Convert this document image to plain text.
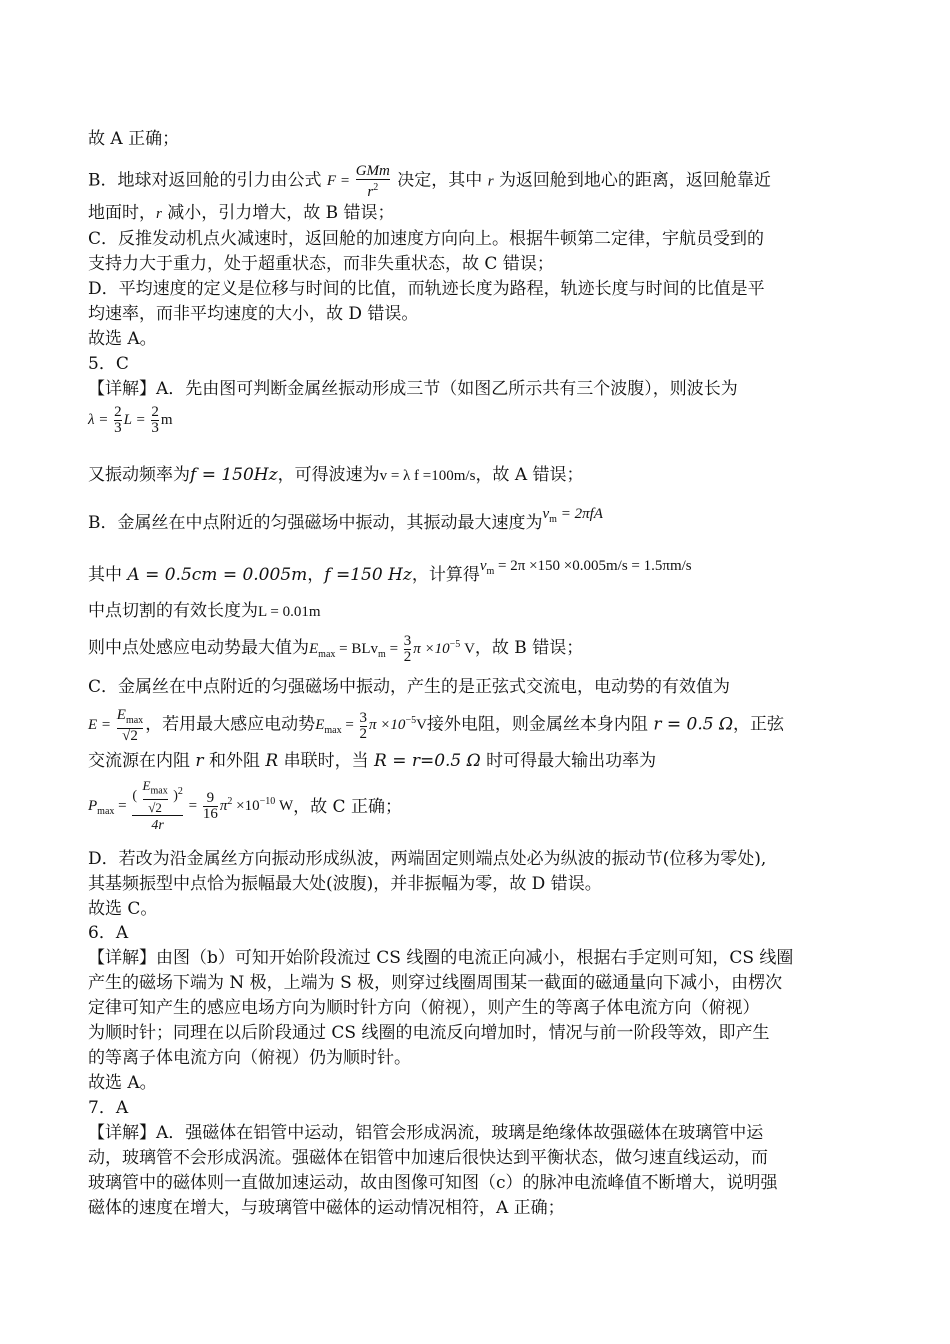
故 A 正确；
B．地球对返回舱的引力由公式 $F = \frac{\text{GMm}}{r^2}$ 决定，其中 r 为返回舱到地心的距离，返回舱靠近
地面时，r 减小，引力增大，故 B 错误；
C．反推发动机点火减速时，返回舱的加速度方向向上。根据牛顿第二定律，宇航员受到的
支持力大于重力，处于超重状态，而非失重状态，故 C 错误；
D．平均速度的定义是位移与时间的比值，而轨迹长度为路程，轨迹长度与时间的比值是平
均速率，而非平均速度的大小，故 D 错误。
故选 A。
5．C
【详解】A．先由图可判断金属丝振动形成三节（如图乙所示共有三个波腹），则波长为
$\lambda = \frac{2}{3}$ $L = \frac{2}{3}$ m
又振动频率为f = 150Hz，可得波速为v = λ f =100m/s，故 A 错误；
B．金属丝在中点附近的匀强磁场中振动，其振动最大速度为$v_m = 2\pi fA$
其中 A = 0.5cm = 0.005m，f =150 Hz，计算得$v_m = 2\pi \times 150 \times 0.005m/s = 1.5\pi m/s$
中点切割的有效长度为L = 0.01m
则中点处感应电动势最大值为$E_{max} = BLv_m = \frac{3}{2}$ $\pi \times 10^{-5}$ V，故 B 错误；
C．金属丝在中点附近的匀强磁场中振动，产生的是正弦式交流电，电动势的有效值为
$E = \frac{E_{max}}{√2}$ ，若用最大感应电动势$E_{max} = \frac{3}{2}$ $\pi \times 10^{-5}V$接外电阻，则金属丝本身内阻 r = 0.5 Ω，正弦
交流源在内阻 r 和外阻 R 串联时，当 R = r=0.5 Ω 时可得最大输出功率为
$P_{max} = \frac{( \frac{E_{max}}{√2} )^2}{4r} = \frac{9}{16} \pi^2 \times 10^{-10}$ W，故 C 正确；
D．若改为沿金属丝方向振动形成纵波，两端固定则端点处必为纵波的振动节(位移为零处),
其基频振型中点恰为振幅最大处(波腹)，并非振幅为零，故 D 错误。
故选 C。
6．A
【详解】由图（b）可知开始阶段流过 CS 线圈的电流正向减小，根据右手定则可知，CS 线圈
产生的磁场下端为 N 极，上端为 S 极，则穿过线圈周围某一截面的磁通量向下减小，由楞次
定律可知产生的感应电场方向为顺时针方向（俯视），则产生的等离子体电流方向（俯视）
为顺时针；同理在以后阶段通过 CS 线圈的电流反向增加时，情况与前一阶段等效，即产生
的等离子体电流方向（俯视）仍为顺时针。
故选 A。
7．A
【详解】A．强磁体在铝管中运动，铝管会形成涡流，玻璃是绝缘体故强磁体在玻璃管中运
动，玻璃管不会形成涡流。强磁体在铝管中加速后很快达到平衡状态，做匀速直线运动，而
玻璃管中的磁体则一直做加速运动，故由图像可知图（c）的脉冲电流峰值不断增大，说明强
磁体的速度在增大，与玻璃管中磁体的运动情况相符，A 正确；
